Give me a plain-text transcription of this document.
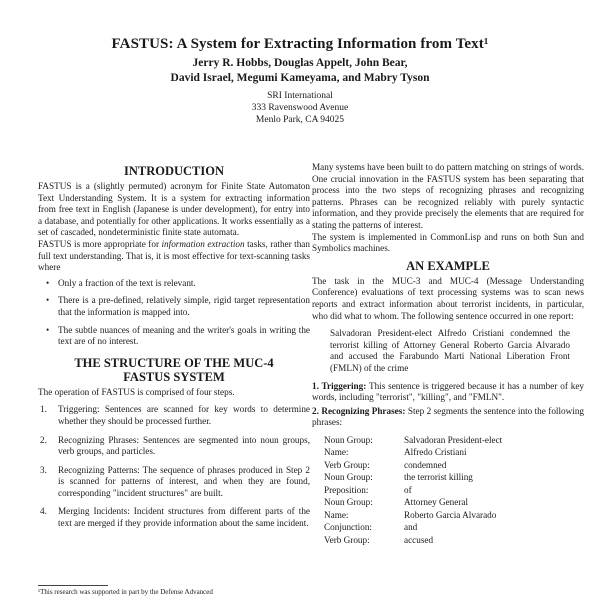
FASTUS: A System for Extracting Information from Text¹
Jerry R. Hobbs, Douglas Appelt, John Bear,
David Israel, Megumi Kameyama, and Mabry Tyson
SRI International
333 Ravenswood Avenue
Menlo Park, CA 94025
INTRODUCTION

FASTUS is a (slightly permuted) acronym for Finite State Automaton Text Understanding System. It is a system for extracting information from free text in English (Japanese is under development), for entry into a database, and potentially for other applications. It works essentially as a set of cascaded, nondeterministic finite state automata.

FASTUS is more appropriate for information extraction tasks, rather than full text understanding. That is, it is most effective for text-scanning tasks where

• Only a fraction of the text is relevant.
• There is a pre-defined, relatively simple, rigid target representation that the information is mapped into.
• The subtle nuances of meaning and the writer's goals in writing the text are of no interest.
THE STRUCTURE OF THE MUC-4
FASTUS SYSTEM

The operation of FASTUS is comprised of four steps.

1. Triggering: Sentences are scanned for key words to determine whether they should be processed further.
2. Recognizing Phrases: Sentences are segmented into noun groups, verb groups, and particles.
3. Recognizing Patterns: The sequence of phrases produced in Step 2 is scanned for patterns of interest, and when they are found, corresponding "incident structures" are built.
4. Merging Incidents: Incident structures from different parts of the text are merged if they provide information about the same incident.
¹This research was supported in part by the Defense Advanced

Many systems have been built to do pattern matching on strings of words. One crucial innovation in the FASTUS system has been separating that process into the two steps of recognizing phrases and recognizing patterns. Phrases can be recognized reliably with purely syntactic information, and they provide precisely the elements that are required for stating the patterns of interest.

The system is implemented in CommonLisp and runs on both Sun and Symbolics machines.

AN EXAMPLE

The task in the MUC-3 and MUC-4 (Message Understanding Conference) evaluations of text processing systems was to scan news reports and extract information about terrorist incidents, in particular, who did what to whom. The following sentence occurred in one report:

Salvadoran President-elect Alfredo Cristiani condemned the terrorist killing of Attorney General Roberto Garcia Alvarado and accused the Farabundo Marti National Liberation Front (FMLN) of the crime

1. Triggering: This sentence is triggered because it has a number of key words, including "terrorist", "killing", and "FMLN".

2. Recognizing Phrases: Step 2 segments the sentence into the following phrases:

Noun Group:	Salvadoran President-elect
Name:	Alfredo Cristiani
Verb Group:	condemned
Noun Group:	the terrorist killing
Preposition:	of
Noun Group:	Attorney General
Name:	Roberto Garcia Alvarado
Conjunction:	and
Verb Group:	accused
